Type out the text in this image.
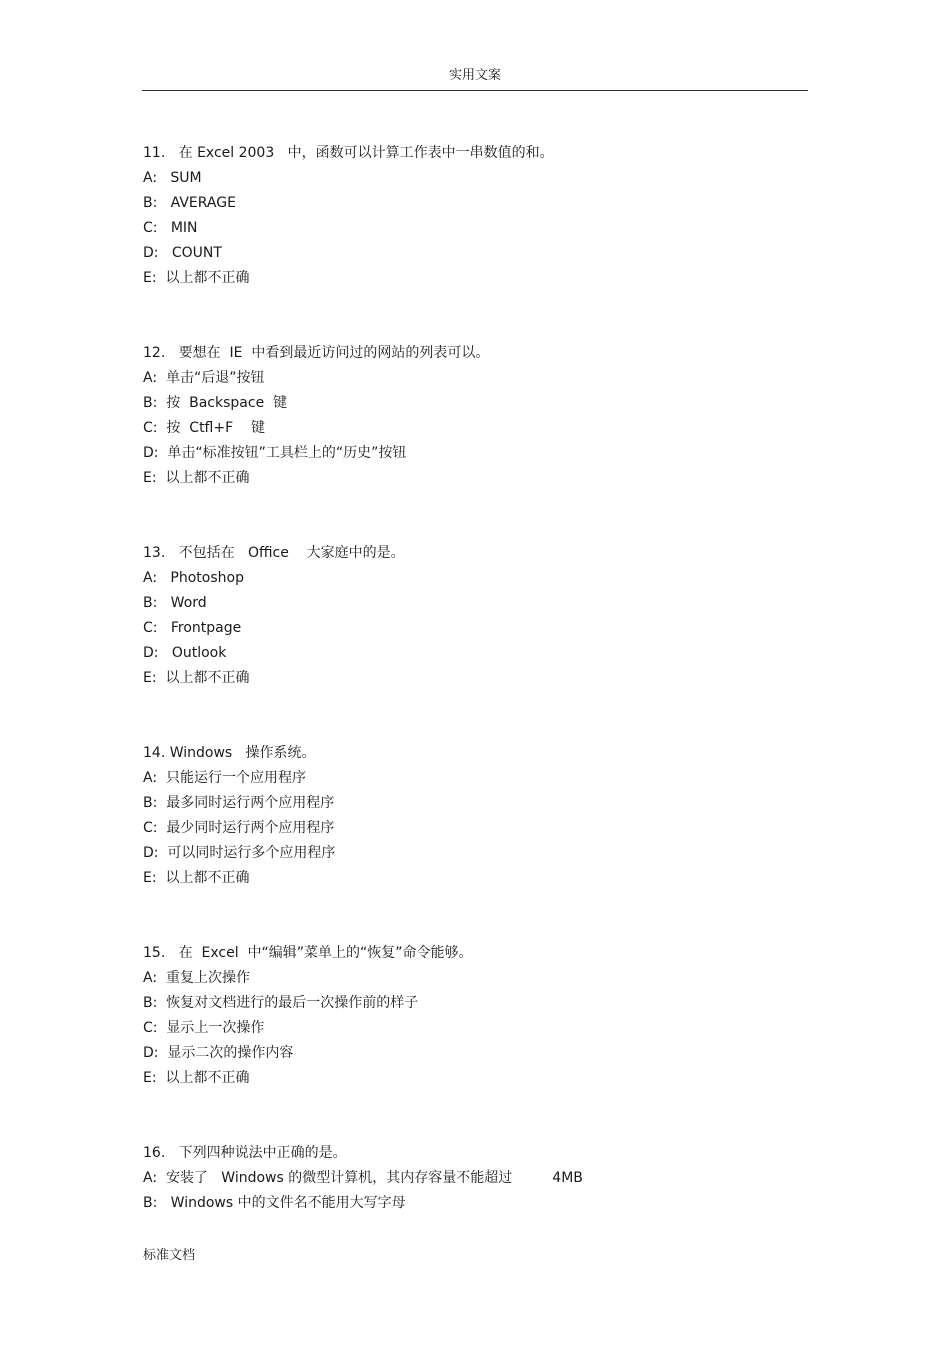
实用文案
11.   在 Excel 2003   中，函数可以计算工作表中一串数值的和。
A:   SUM
B:   AVERAGE
C:   MIN
D:   COUNT
E:  以上都不正确
12.   要想在  IE  中看到最近访问过的网站的列表可以。
A:  单击“后退”按钮
B:  按  Backspace  键
C:  按  Ctfl+F    键
D:  单击“标准按钮”工具栏上的“历史”按钮
E:  以上都不正确
13.   不包括在   Office    大家庭中的是。
A:   Photoshop
B:   Word
C:   Frontpage
D:   Outlook
E:  以上都不正确
14. Windows   操作系统。
A:  只能运行一个应用程序
B:  最多同时运行两个应用程序
C:  最少同时运行两个应用程序
D:  可以同时运行多个应用程序
E:  以上都不正确
15.   在  Excel  中“编辑”菜单上的“恢复”命令能够。
A:  重复上次操作
B:  恢复对文档进行的最后一次操作前的样子
C:  显示上一次操作
D:  显示二次的操作内容
E:  以上都不正确
16.   下列四种说法中正确的是。
A:  安装了   Windows 的微型计算机，其内存容量不能超过         4MB
B:   Windows 中的文件名不能用大写字母
标准文档
